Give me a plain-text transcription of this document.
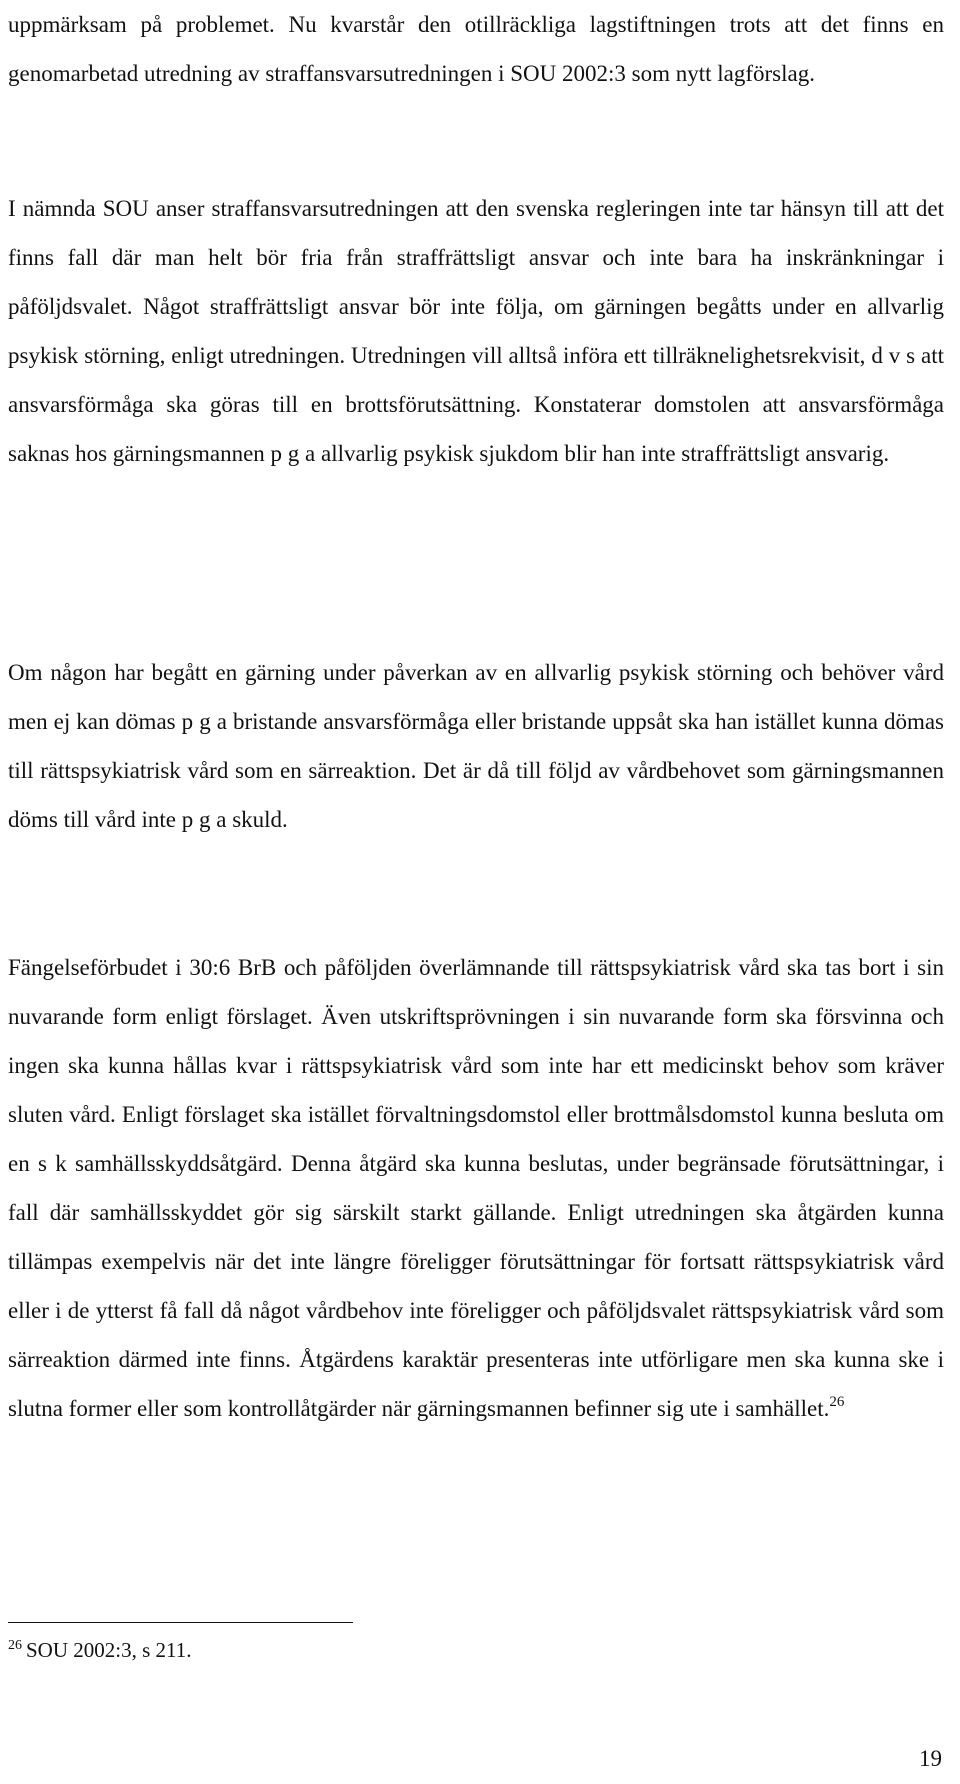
uppmärksam på problemet. Nu kvarstår den otillräckliga lagstiftningen trots att det finns en genomarbetad utredning av straffansvarsutredningen i SOU 2002:3 som nytt lagförslag.

I nämnda SOU anser straffansvarsutredningen att den svenska regleringen inte tar hänsyn till att det finns fall där man helt bör fria från straffrättsligt ansvar och inte bara ha inskränkningar i påföljdsvalet. Något straffrättsligt ansvar bör inte följa, om gärningen begåtts under en allvarlig psykisk störning, enligt utredningen. Utredningen vill alltså införa ett tillräknelighetsrekvisit, d v s att ansvarsförmåga ska göras till en brottsförutsättning. Konstaterar domstolen att ansvarsförmåga saknas hos gärningsmannen p g a allvarlig psykisk sjukdom blir han inte straffrättsligt ansvarig.

Om någon har begått en gärning under påverkan av en allvarlig psykisk störning och behöver vård men ej kan dömas p g a bristande ansvarsförmåga eller bristande uppsåt ska han istället kunna dömas till rättspsykiatrisk vård som en särreaktion. Det är då till följd av vårdbehovet som gärningsmannen döms till vård inte p g a skuld.

Fängelseförbudet i 30:6 BrB och påföljden överlämnande till rättspsykiatrisk vård ska tas bort i sin nuvarande form enligt förslaget. Även utskriftsprövningen i sin nuvarande form ska försvinna och ingen ska kunna hållas kvar i rättspsykiatrisk vård som inte har ett medicinskt behov som kräver sluten vård. Enligt förslaget ska istället förvaltningsdomstol eller brottmålsdomstol kunna besluta om en s k samhällsskyddsåtgärd. Denna åtgärd ska kunna beslutas, under begränsade förutsättningar, i fall där samhällsskyddet gör sig särskilt starkt gällande. Enligt utredningen ska åtgärden kunna tillämpas exempelvis när det inte längre föreligger förutsättningar för fortsatt rättspsykiatrisk vård eller i de ytterst få fall då något vårdbehov inte föreligger och påföljdsvalet rättspsykiatrisk vård som särreaktion därmed inte finns. Åtgärdens karaktär presenteras inte utförligare men ska kunna ske i slutna former eller som kontrollåtgärder när gärningsmannen befinner sig ute i samhället.$^{26}$

$^{26}$ SOU 2002:3, s 211.

19
